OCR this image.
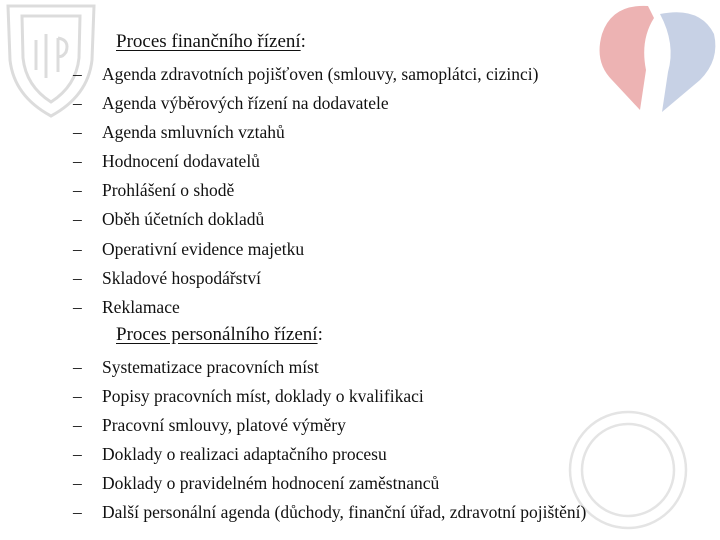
Proces finančního řízení:
– Agenda zdravotních pojišťoven (smlouvy, samoplátci, cizinci)
– Agenda výběrových řízení na dodavatele
– Agenda smluvních vztahů
– Hodnocení dodavatelů
– Prohlášení o shodě
– Oběh účetních dokladů
– Operativní evidence majetku
– Skladové hospodářství
– Reklamace
Proces personálního řízení:
– Systematizace pracovních míst
– Popisy pracovních míst, doklady o kvalifikaci
– Pracovní smlouvy, platové výměry
– Doklady o realizaci adaptačního procesu
– Doklady o pravidelném hodnocení zaměstnanců
– Další personální agenda (důchody, finanční úřad, zdravotní pojištění)
